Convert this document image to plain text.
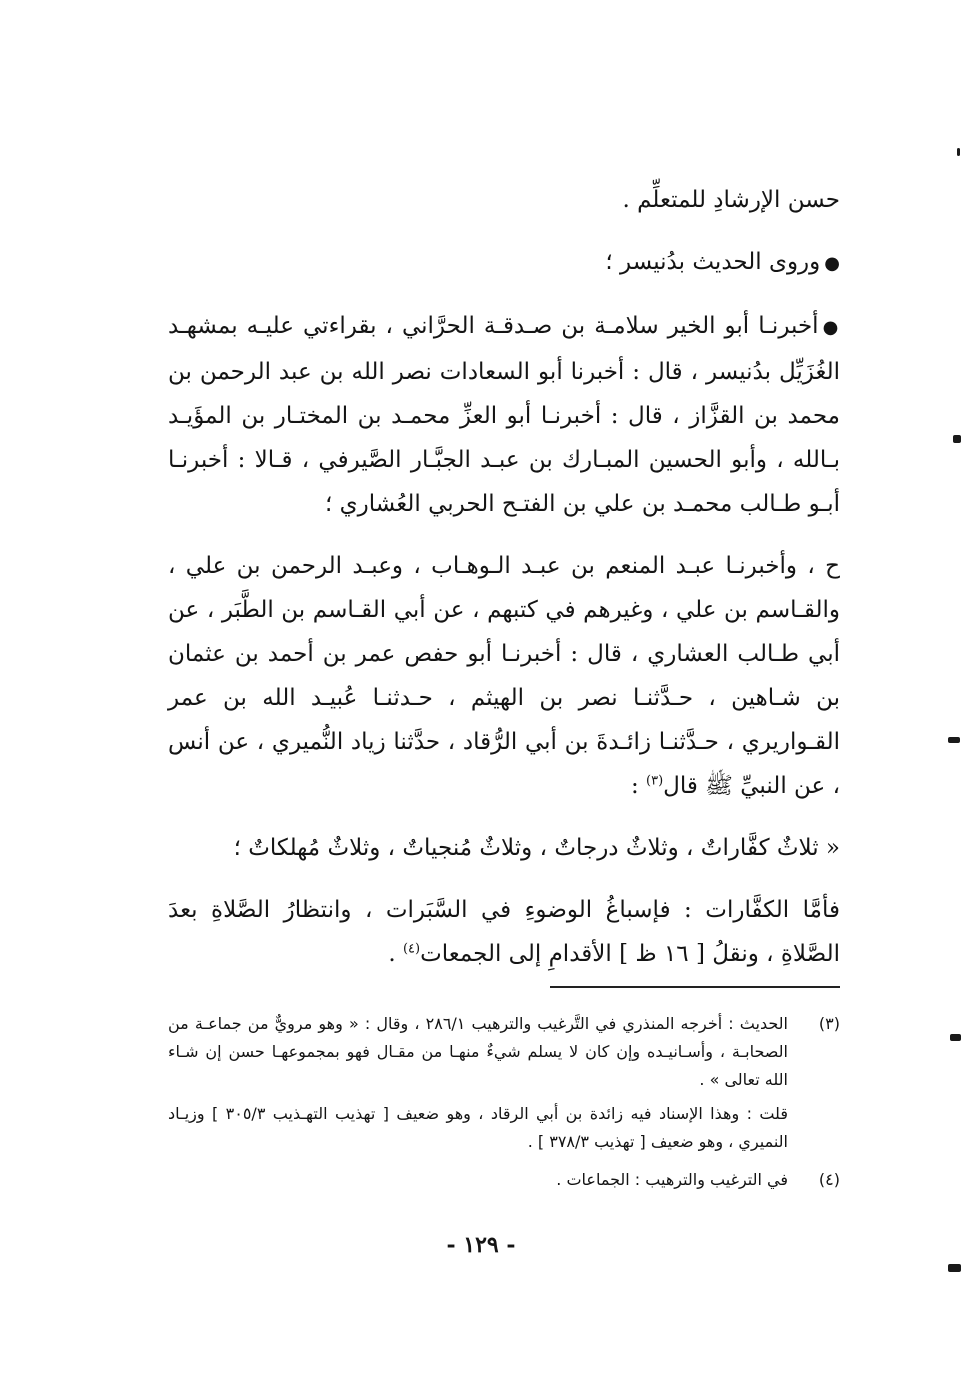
حسن الإرشادِ للمتعلِّم .

●وروى الحديث بدُنيسر ؛

●أخبرنـا أبو الخير سلامـة بن صـدقـة الحرَّاني ، بقراءتي عليـه بمشهـد الغُزَيِّل بدُنيسر ، قال : أخبرنا أبو السعادات نصر الله بن عبد الرحمن بن محمد بن القزَّاز ، قال : أخبرنـا أبو العزِّ محمـد بن المختـار بن المؤَيـد بـالله ، وأبو الحسين المبـارك بن عبـد الجبَّـار الصَّيرفي ، قـالا : أخبرنـا أبـو طـالب محمـد بن علي بن الفتـح الحربي العُشاري ؛

ح ، وأخبرنـا عبـد المنعم بن عبـد الـوهـاب ، وعبـد الرحمن بن علي ، والقـاسم بن علي ، وغيرهم في كتبهم ، عن أبي القـاسم بن الطَّبَر ، عن أبي طـالب العشاري ، قال : أخبرنـا أبو حفص عمر بن أحمد بن عثمان بن شـاهين ، حـدَّثنـا نصر بن الهيثم ، حـدثنـا عُبيـد الله بن عمر القـواريري ، حـدَّثنـا زائـدةَ بن أبي الرُّقاد ، حدَّثنا زياد النُّميري ، عن أنس ، عن النبيِّ ﷺ قال$^{(٣)}$ :

« ثلاثٌ كفَّاراتٌ ، وثلاثٌ درجاتٌ ، وثلاثٌ مُنجياتٌ ، وثلاثٌ مُهلكاتٌ ؛

فأمَّا الكفَّارات : فإسباغُ الوضوءِ في السَّبَرات ، وانتظارُ الصَّلاةِ بعدَ الصَّلاةِ ، ونقلُ [ ١٦ ظ ] الأقدامِ إلى الجمعات$^{(٤)}$ .

(٣)

الحديث : أخرجه المنذري في التَّرغيب والترهيب ٢٨٦/١ ، وقال : « وهو مرويٌّ من جماعـة من الصحابـة ، وأسـانيـده وإن كان لا يسلم شيءٌ منهـا من مقـال فهو بمجموعهـا حسن إن شـاء الله تعالى » .

قلت : وهذا الإسناد فيه زائدة بن أبي الرقاد ، وهو ضعيف [ تهذيب التهـذيب ٣٠٥/٣ ] وزيـاد النميري ، وهو ضعيف [ تهذيب ٣٧٨/٣ ] .

(٤)

في الترغيب والترهيب : الجماعات .

- ١٢٩ -
